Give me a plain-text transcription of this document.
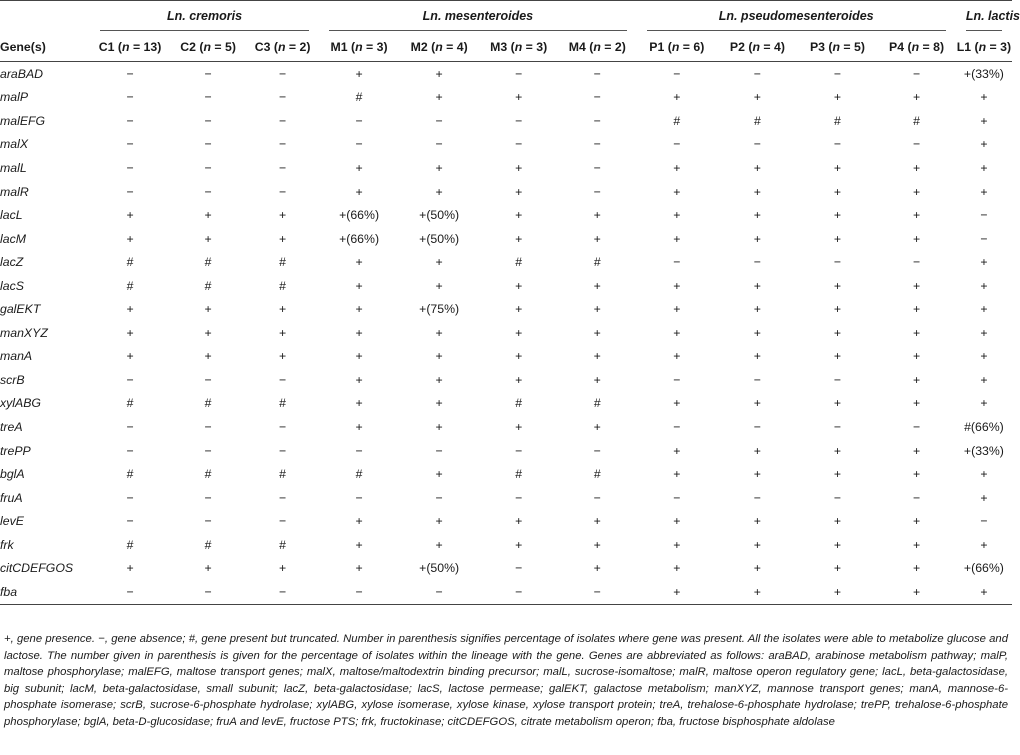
	Ln. cremoris			Ln. mesenteroides				Ln. pseudomesenteroides				Ln. lactis

Gene(s)	C1 (n = 13)	C2 (n = 5)	C3 (n = 2)	M1 (n = 3)	M2 (n = 4)	M3 (n = 3)	M4 (n = 2)	P1 (n = 6)	P2 (n = 4)	P3 (n = 5)	P4 (n = 8)	L1 (n = 3)
araBAD	−	−	−	+	+	−	−	−	−	−	−	+(33%)
malP	−	−	−	#	+	+	−	+	+	+	+	+
malEFG	−	−	−	−	−	−	−	#	#	#	#	+
malX	−	−	−	−	−	−	−	−	−	−	−	+
malL	−	−	−	+	+	+	−	+	+	+	+	+
malR	−	−	−	+	+	+	−	+	+	+	+	+
lacL	+	+	+	+(66%)	+(50%)	+	+	+	+	+	+	−
lacM	+	+	+	+(66%)	+(50%)	+	+	+	+	+	+	−
lacZ	#	#	#	+	+	#	#	−	−	−	−	+
lacS	#	#	#	+	+	+	+	+	+	+	+	+
galEKT	+	+	+	+	+(75%)	+	+	+	+	+	+	+
manXYZ	+	+	+	+	+	+	+	+	+	+	+	+
manA	+	+	+	+	+	+	+	+	+	+	+	+
scrB	−	−	−	+	+	+	+	−	−	−	+	+
xylABG	#	#	#	+	+	#	#	+	+	+	+	+
treA	−	−	−	+	+	+	+	−	−	−	−	#(66%)
trePP	−	−	−	−	−	−	−	+	+	+	+	+(33%)
bglA	#	#	#	#	+	#	#	+	+	+	+	+
fruA	−	−	−	−	−	−	−	−	−	−	−	+
levE	−	−	−	+	+	+	+	+	+	+	+	−
frk	#	#	#	+	+	+	+	+	+	+	+	+
citCDEFGOS	+	+	+	+	+(50%)	−	+	+	+	+	+	+(66%)
fba	−	−	−	−	−	−	−	+	+	+	+	+
+, gene presence. −, gene absence; #, gene present but truncated. Number in parenthesis signifies percentage of isolates where gene was present. All the isolates were able to metabolize glucose and lactose. The number given in parenthesis is given for the percentage of isolates within the lineage with the gene. Genes are abbreviated as follows: araBAD, arabinose metabolism pathway; malP, maltose phosphorylase; malEFG, maltose transport genes; malX, maltose/maltodextrin binding precursor; malL, sucrose-isomaltose; malR, maltose operon regulatory gene; lacL, beta-galactosidase, big subunit; lacM, beta-galactosidase, small subunit; lacZ, beta-galactosidase; lacS, lactose permease; galEKT, galactose metabolism; manXYZ, mannose transport genes; manA, mannose-6-phosphate isomerase; scrB, sucrose-6-phosphate hydrolase; xylABG, xylose isomerase, xylose kinase, xylose transport protein; treA, trehalose-6-phosphate hydrolase; trePP, trehalose-6-phosphate phosphorylase; bglA, beta-D-glucosidase; fruA and levE, fructose PTS; frk, fructokinase; citCDEFGOS, citrate metabolism operon; fba, fructose bisphosphate aldolase
